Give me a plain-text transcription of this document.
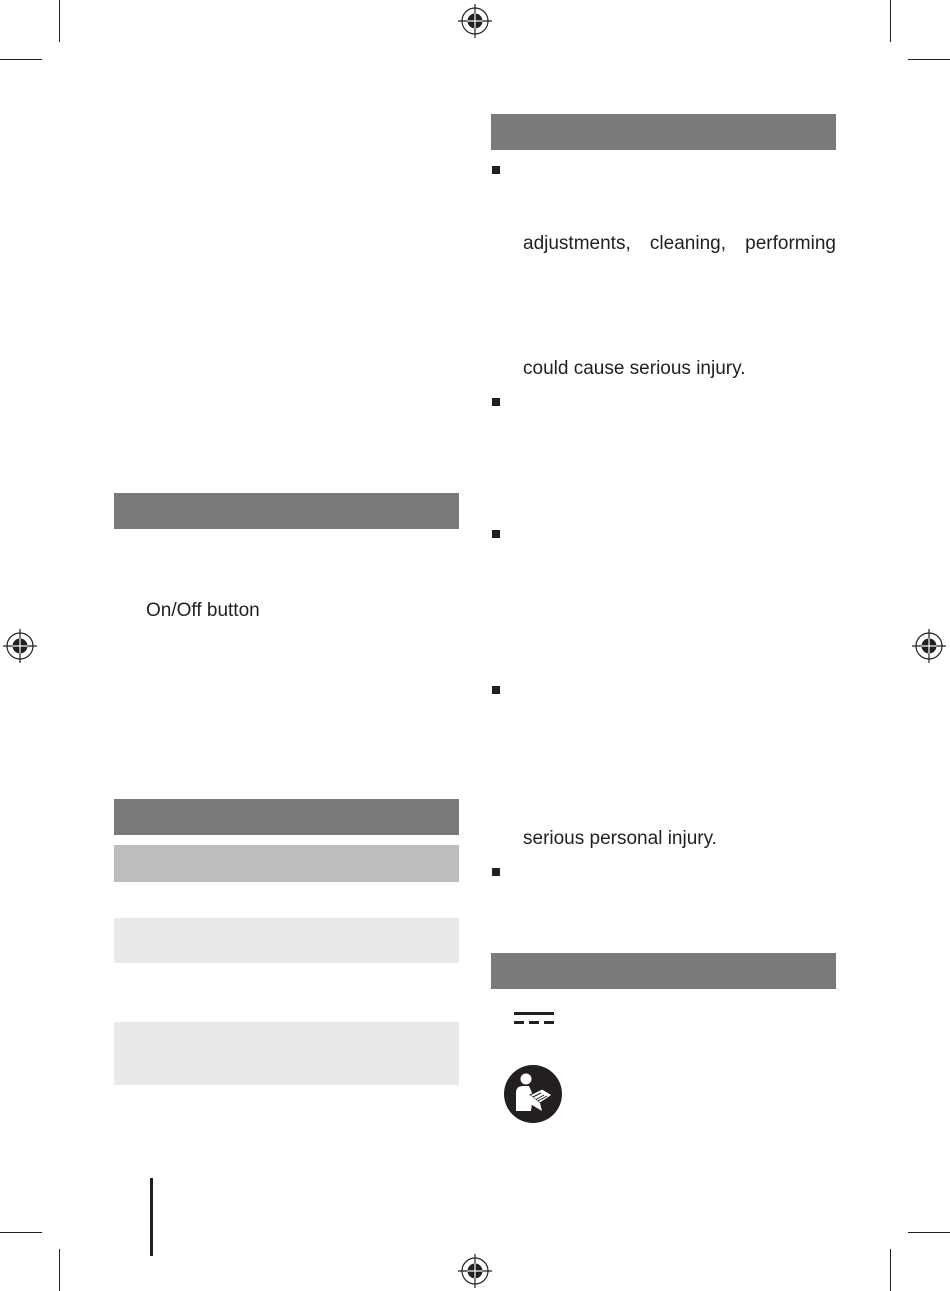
On/Off button
adjustments, cleaning, performing
could cause serious injury.
serious personal injury.
